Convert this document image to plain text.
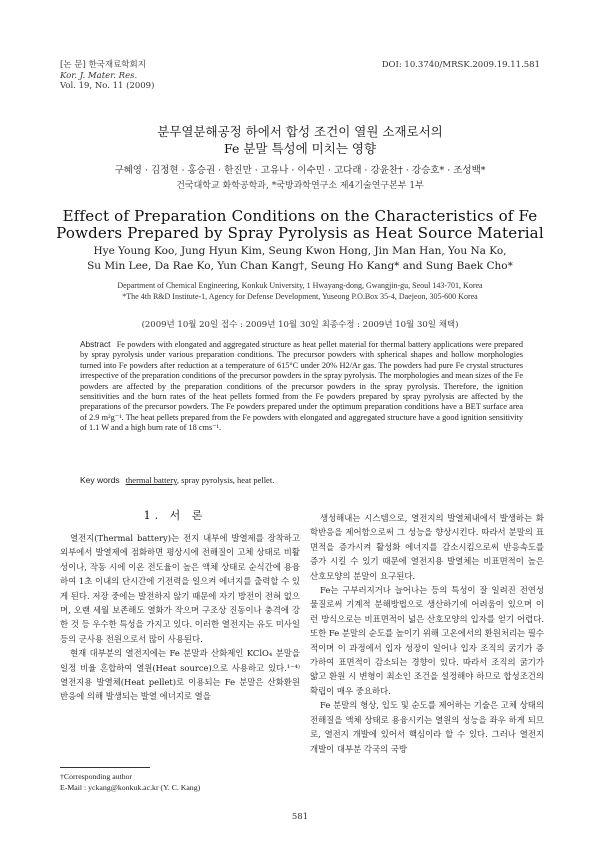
[논 문] 한국재료학회지
Kor. J. Mater. Res.
Vol. 19, No. 11 (2009)
DOI: 10.3740/MRSK.2009.19.11.581
분무열분해공정 하에서 합성 조건이 열원 소재로서의
Fe 분말 특성에 미치는 영향
구혜영 · 김정현 · 홍승권 · 한진만 · 고유나 · 이수민 · 고다래 · 강윤찬† · 강승호* · 조성백*
건국대학교 화학공학과, *국방과학연구소 제4기술연구본부 1부
Effect of Preparation Conditions on the Characteristics of Fe
Powders Prepared by Spray Pyrolysis as Heat Source Material
Hye Young Koo, Jung Hyun Kim, Seung Kwon Hong, Jin Man Han, You Na Ko,
Su Min Lee, Da Rae Ko, Yun Chan Kang†, Seung Ho Kang* and Sung Baek Cho*
Department of Chemical Engineering, Konkuk University, 1 Hwayang-dong, Gwangjin-gu, Seoul 143-701, Korea
*The 4th R&D Institute-1, Agency for Defense Development, Yuseong P.O.Box 35-4, Daejeon, 305-600 Korea
(2009년 10월 20일 접수 : 2009년 10월 30일 최종수정 : 2009년 10월 30일 채택)
Abstract Fe powders with elongated and aggregated structure as heat pellet material for thermal battery applications were prepared by spray pyrolysis under various preparation conditions. The precursor powders with spherical shapes and hollow morphologies turned into Fe powders after reduction at a temperature of 615°C under 20% H2/Ar gas. The powders had pure Fe crystal structures irrespective of the preparation conditions of the precursor powders in the spray pyrolysis. The morphologies and mean sizes of the Fe powders are affected by the preparation conditions of the precursor powders in the spray pyrolysis. Therefore, the ignition sensitivities and the burn rates of the heat pellets formed from the Fe powders prepared by spray pyrolysis are affected by the preparations of the precursor powders. The Fe powders prepared under the optimum preparation conditions have a BET surface area of 2.9 m²g⁻¹. The heat pellets prepared from the Fe powders with elongated and aggregated structure have a good ignition sensitivity of 1.1 W and a high burn rate of 18 cms⁻¹.
Key words thermal battery, spray pyrolysis, heat pellet.
1. 서 론

열전지(Thermal battery)는 전지 내부에 발열제를 장착하고 외부에서 발열제에 점화하면 평상시에 전해질이 고체 상태로 비활성이나, 작동 시에 이온 전도율이 높은 액체 상태로 순식간에 용융하여 1초 이내의 단시간에 기전력을 일으켜 에너지를 출력할 수 있게 된다. 저장 중에는 발전하지 않기 때문에 자기 방전이 전혀 없으며, 오랜 세월 보존해도 열화가 작으며 구조상 진동이나 충격에 강한 것 등 우수한 특성을 가지고 있다. 이러한 열전지는 유도 미사일 등의 군사용 전원으로서 많이 사용된다.

현재 대부분의 열전지에는 Fe 분말과 산화제인 KClO₄ 분말을 일정 비율 혼합하여 열원(Heat source)으로 사용하고 있다.¹⁻⁴⁾ 열전지용 발열체(Heat pellet)로 이용되는 Fe 분말은 산화환원 반응에 의해 발생되는 발열 에너지로 열을

생성해내는 시스템으로, 열전지의 발열체내에서 발생하는 화학반응을 제어함으로써 그 성능을 향상시킨다. 따라서 분말의 표면적을 증가시켜 활성화 에너지를 감소시킴으로써 반응속도를 증가 시킬 수 있기 때문에 열전지용 발열체는 비표면적이 높은 산호모양의 분말이 요구된다.

Fe는 구부러지거나 늘어나는 등의 특성이 잘 일려진 전연성 물질로써 기계적 분해방법으로 생산하기에 어려움이 있으며 이런 방식으로는 비표면적이 넓은 산호모양의 입자를 얻기 어렵다. 또한 Fe 분말의 순도를 높이기 위해 고온에서의 환원처리는 필수적이며 이 과정에서 입자 성장이 일어나 입자 조직의 굵기가 증가하여 표면적이 감소되는 경향이 있다. 따라서 조직의 굵기가 얇고 환원 시 변형이 최소인 조건을 설정해야 하므로 합성조건의 확립이 매우 중요하다.

Fe 분말의 형상, 입도 및 순도를 제어하는 기술은 고체 상태의 전해질을 액체 상태로 용융시키는 열원의 성능을 좌우 하게 되므로, 열전지 개발에 있어서 핵심이라 할 수 있다. 그러나 열전지 개발이 대부분 각국의 국방

†Corresponding author
E-Mail : yckang@konkuk.ac.kr (Y. C. Kang)
581
